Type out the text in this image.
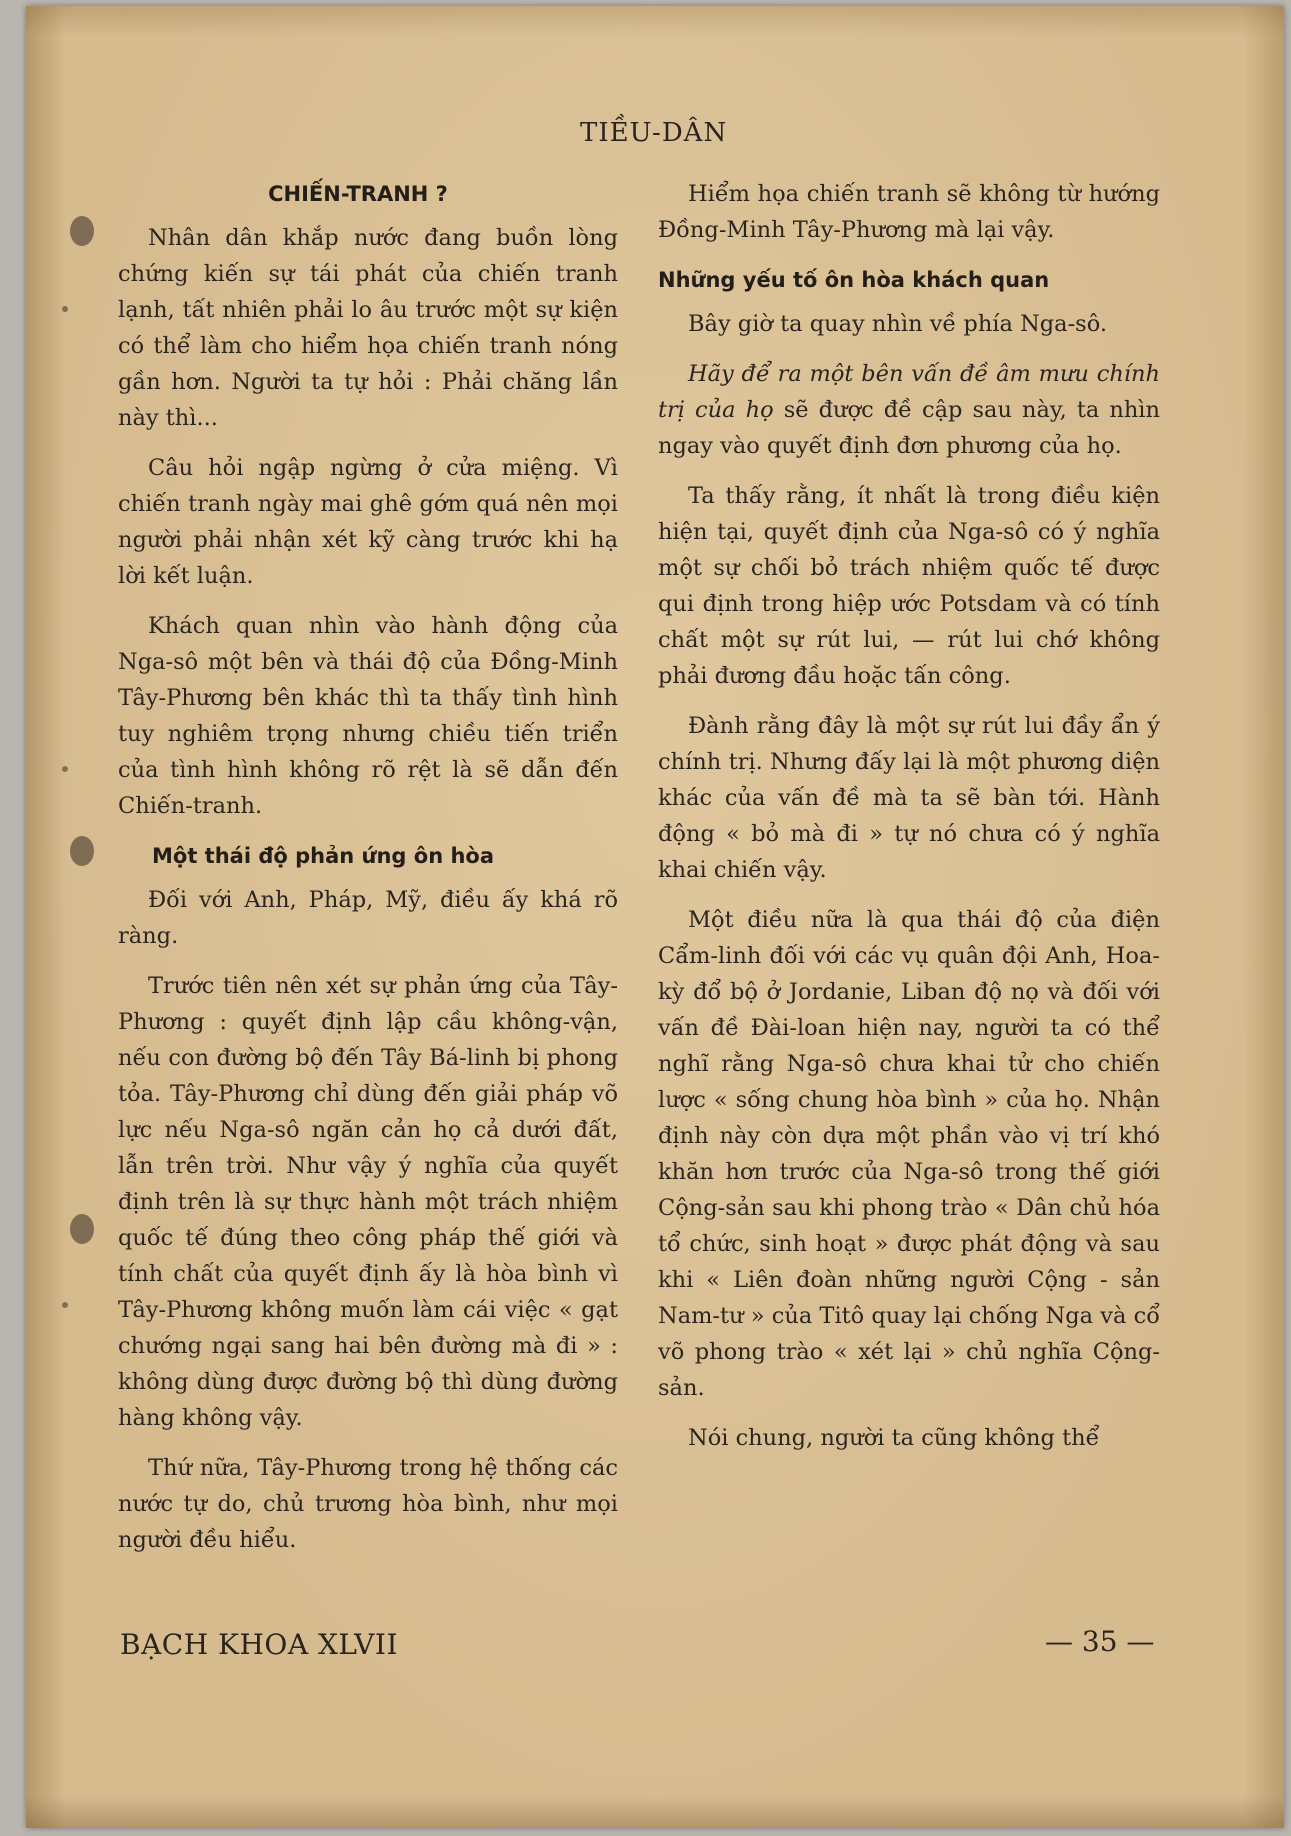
TIỀU-DÂN
CHIẾN-TRANH ?

Nhân dân khắp nước đang buồn lòng chứng kiến sự tái phát của chiến tranh lạnh, tất nhiên phải lo âu trước một sự kiện có thể làm cho hiểm họa chiến tranh nóng gần hơn. Người ta tự hỏi : Phải chăng lần này thì...

Câu hỏi ngập ngừng ở cửa miệng. Vì chiến tranh ngày mai ghê gớm quá nên mọi người phải nhận xét kỹ càng trước khi hạ lời kết luận.

Khách quan nhìn vào hành động của Nga-sô một bên và thái độ của Đồng-Minh Tây-Phương bên khác thì ta thấy tình hình tuy nghiêm trọng nhưng chiều tiến triển của tình hình không rõ rệt là sẽ dẫn đến Chiến-tranh.

Một thái độ phản ứng ôn hòa

Đối với Anh, Pháp, Mỹ, điều ấy khá rõ ràng.

Trước tiên nên xét sự phản ứng của Tây-Phương : quyết định lập cầu không-vận, nếu con đường bộ đến Tây Bá-linh bị phong tỏa. Tây-Phương chỉ dùng đến giải pháp võ lực nếu Nga-sô ngăn cản họ cả dưới đất, lẫn trên trời. Như vậy ý nghĩa của quyết định trên là sự thực hành một trách nhiệm quốc tế đúng theo công pháp thế giới và tính chất của quyết định ấy là hòa bình vì Tây-Phương không muốn làm cái việc « gạt chướng ngại sang hai bên đường mà đi » : không dùng được đường bộ thì dùng đường hàng không vậy.

Thứ nữa, Tây-Phương trong hệ thống các nước tự do, chủ trương hòa bình, như mọi người đều hiểu.

Hiểm họa chiến tranh sẽ không từ hướng Đồng-Minh Tây-Phương mà lại vậy.

Những yếu tố ôn hòa khách quan

Bây giờ ta quay nhìn về phía Nga-sô.

Hãy để ra một bên vấn đề âm mưu chính trị của họ sẽ được đề cập sau này, ta nhìn ngay vào quyết định đơn phương của họ.

Ta thấy rằng, ít nhất là trong điều kiện hiện tại, quyết định của Nga-sô có ý nghĩa một sự chối bỏ trách nhiệm quốc tế được qui định trong hiệp ước Potsdam và có tính chất một sự rút lui, — rút lui chớ không phải đương đầu hoặc tấn công.

Đành rằng đây là một sự rút lui đầy ẩn ý chính trị. Nhưng đấy lại là một phương diện khác của vấn đề mà ta sẽ bàn tới. Hành động « bỏ mà đi » tự nó chưa có ý nghĩa khai chiến vậy.

Một điều nữa là qua thái độ của điện Cẩm-linh đối với các vụ quân đội Anh, Hoa-kỳ đổ bộ ở Jordanie, Liban độ nọ và đối với vấn đề Đài-loan hiện nay, người ta có thể nghĩ rằng Nga-sô chưa khai tử cho chiến lược « sống chung hòa bình » của họ. Nhận định này còn dựa một phần vào vị trí khó khăn hơn trước của Nga-sô trong thế giới Cộng-sản sau khi phong trào « Dân chủ hóa tổ chức, sinh hoạt » được phát động và sau khi « Liên đoàn những người Cộng - sản Nam-tư » của Titô quay lại chống Nga và cổ võ phong trào « xét lại » chủ nghĩa Cộng-sản.

Nói chung, người ta cũng không thể

BẠCH KHOA XLVII	— 35 —
